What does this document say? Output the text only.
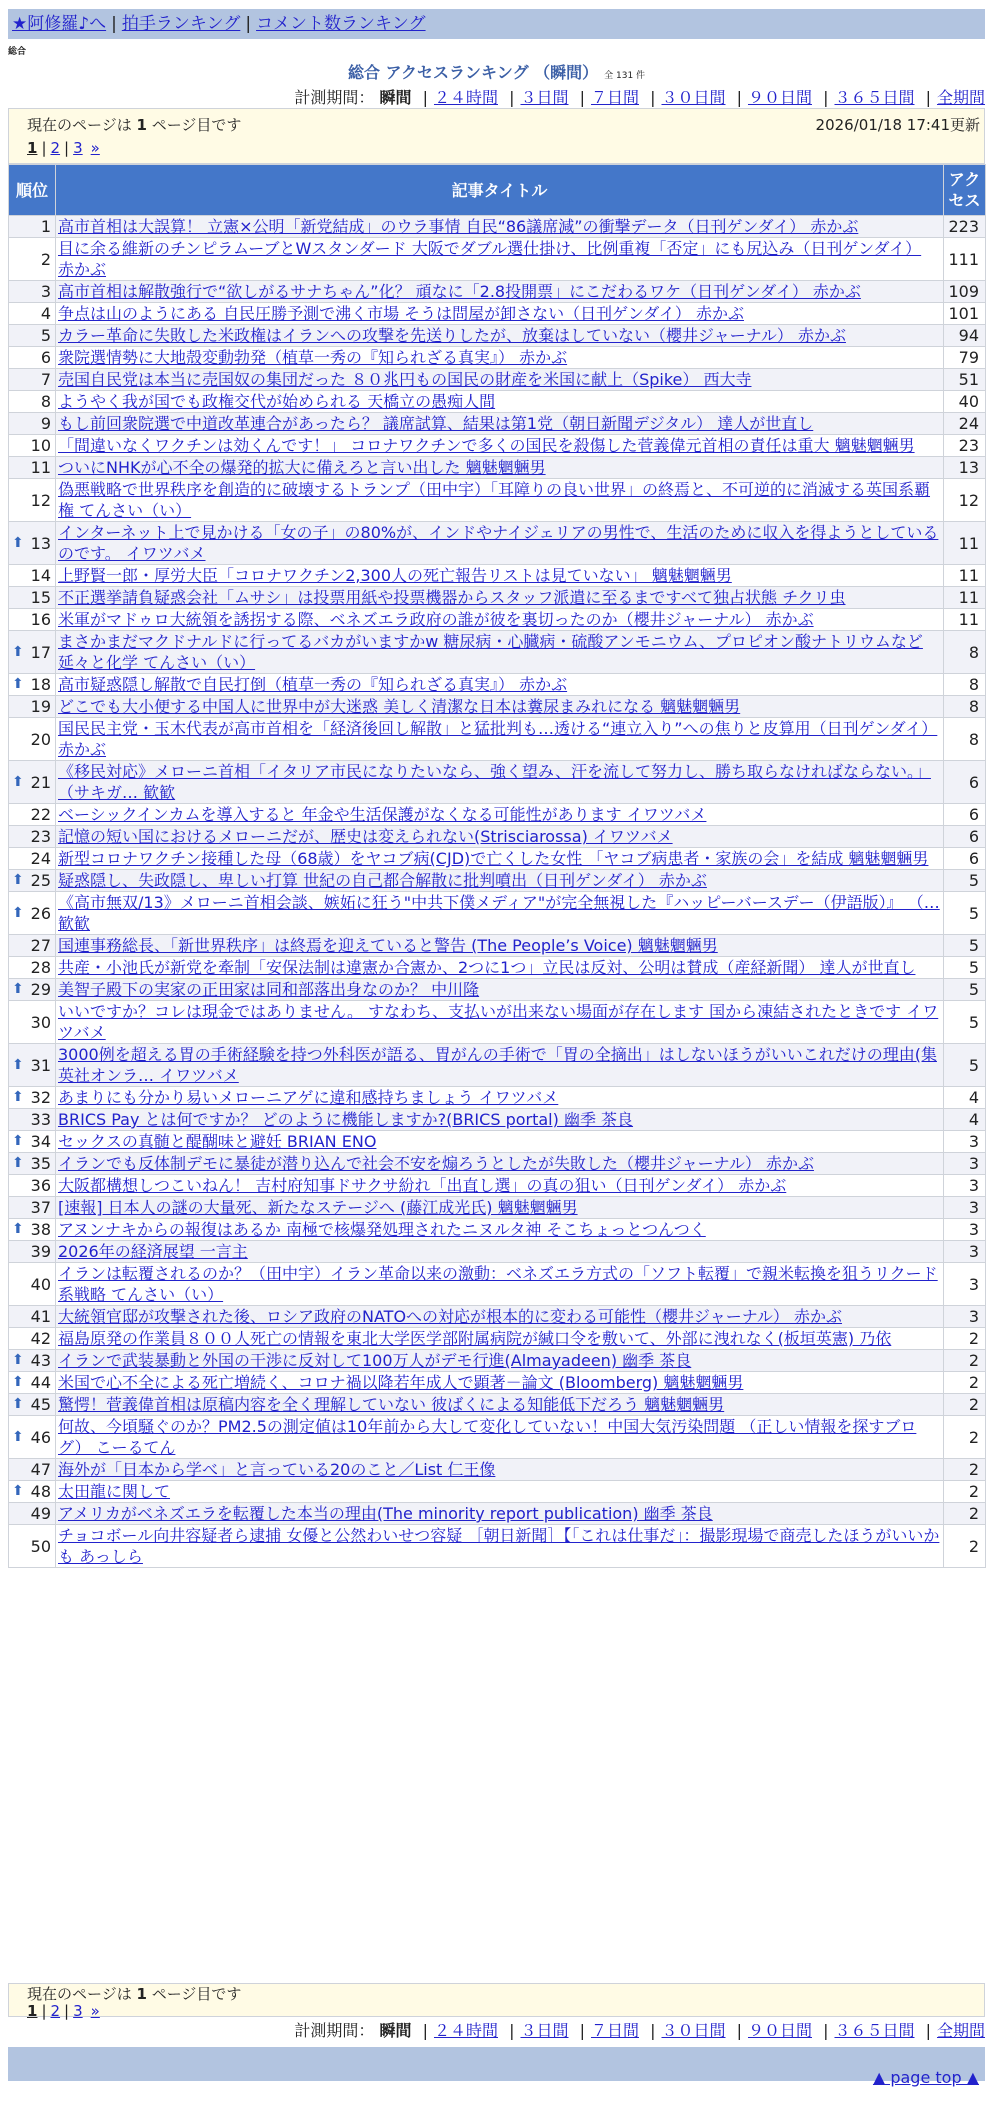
★阿修羅♪へ | 拍手ランキング | コメント数ランキング
総合
総合 アクセスランキング （瞬間） 全 131 件
計測期間： 瞬間 | ２４時間 | ３日間 | ７日間 | ３０日間 | ９０日間 | ３６５日間 | 全期間
現在のページは 1 ページ目です	2026/01/18 17:41更新
1 | 2 | 3 »
順位	記事タイトル	アクセス
1	高市首相は大誤算！ 立憲×公明「新党結成」のウラ事情 自民“86議席減”の衝撃データ（日刊ゲンダイ） 赤かぶ	223
2	目に余る維新のチンピラムーブとWスタンダード 大阪でダブル選仕掛け、比例重複「否定」にも尻込み（日刊ゲンダイ） 赤かぶ	111
3	高市首相は解散強行で“欲しがるサナちゃん”化？ 頑なに「2.8投開票」にこだわるワケ（日刊ゲンダイ） 赤かぶ	109
4	争点は山のようにある 自民圧勝予測で沸く市場 そうは問屋が卸さない（日刊ゲンダイ） 赤かぶ	101
5	カラー革命に失敗した米政権はイランへの攻撃を先送りしたが、放棄はしていない（櫻井ジャーナル） 赤かぶ	94
6	衆院選情勢に大地殻変動勃発（植草一秀の『知られざる真実』） 赤かぶ	79
7	売国自民党は本当に売国奴の集団だった ８０兆円もの国民の財産を米国に献上（Spike） 西大寺	51
8	ようやく我が国でも政権交代が始められる 天橋立の愚痴人間	40
9	もし前回衆院選で中道改革連合があったら？ 議席試算、結果は第1党（朝日新聞デジタル） 達人が世直し	24
10	「間違いなくワクチンは効くんです！」 コロナワクチンで多くの国民を殺傷した菅義偉元首相の責任は重大 魑魅魍魎男	23
11	ついにNHKが心不全の爆発的拡大に備えろと言い出した 魑魅魍魎男	13
12	偽悪戦略で世界秩序を創造的に破壊するトランプ（田中宇）「耳障りの良い世界」の終焉と、不可逆的に消滅する英国系覇権 てんさい（い）	12

⬆ 13	インターネット上で見かける「女の子」の80%が、インドやナイジェリアの男性で、生活のために収入を得ようとしている のです。 イワツバメ	11
14	上野賢一郎・厚労大臣「コロナワクチン2,300人の死亡報告リストは見ていない」 魑魅魍魎男	11
15	不正選挙請負疑惑会社「ムサシ」は投票用紙や投票機器からスタッフ派遣に至るまですべて独占状態 チクリ虫	11
16	米軍がマドゥロ大統領を誘拐する際、ベネズエラ政府の誰が彼を裏切ったのか（櫻井ジャーナル） 赤かぶ	11

⬆ 17	まさかまだマクドナルドに行ってるバカがいますかw 糖尿病・心臓病・硫酸アンモニウム、プロピオン酸ナトリウムなど 延々と化学 てんさい（い）	8

⬆ 18	高市疑惑隠し解散で自民打倒（植草一秀の『知られざる真実』） 赤かぶ	8
19	どこでも大小便する中国人に世界中が大迷惑 美しく清潔な日本は糞尿まみれになる 魑魅魍魎男	8
20	国民民主党・玉木代表が高市首相を「経済後回し解散」と猛批判も…透ける“連立入り”への焦りと皮算用（日刊ゲンダイ） 赤かぶ	8

⬆ 21	《移民対応》メローニ首相「イタリア市民になりたいなら、強く望み、汗を流して努力し、勝ち取らなければならない。」 （サキガ… 歓歓	6
22	ベーシックインカムを導入すると 年金や生活保護がなくなる可能性があります イワツバメ	6
23	記憶の短い国におけるメローニだが、歴史は変えられない(Strisciarossa) イワツバメ	6
24	新型コロナワクチン接種した母（68歳）をヤコブ病(CJD)で亡くした女性 「ヤコブ病患者・家族の会」を結成 魑魅魍魎男	6

⬆ 25	疑惑隠し、失政隠し、卑しい打算 世紀の自己都合解散に批判噴出（日刊ゲンダイ） 赤かぶ	5

⬆ 26	《高市無双/13》メローニ首相会談、嫉妬に狂う"中共下僕メディア"が完全無視した『ハッピーバースデー（伊語版）』 （… 歓歓	5
27	国連事務総長、「新世界秩序」は終焉を迎えていると警告 (The People’s Voice) 魑魅魍魎男	5
28	共産・小池氏が新党を牽制「安保法制は違憲か合憲か、2つに1つ」立民は反対、公明は賛成（産経新聞） 達人が世直し	5

⬆ 29	美智子殿下の実家の正田家は同和部落出身なのか？ 中川隆	5
30	いいですか？コレは現金ではありません。 すなわち、支払いが出来ない場面が存在します 国から凍結されたときです イワツバメ	5

⬆ 31	3000例を超える胃の手術経験を持つ外科医が語る、胃がんの手術で「胃の全摘出」はしないほうがいいこれだけの理由(集英社オンラ… イワツバメ	5

⬆ 32	あまりにも分かり易いメローニアゲに違和感持ちましょう イワツバメ	4
33	BRICS Pay とは何ですか？ どのように機能しますか?(BRICS portal) 幽季 茶良	4

⬆ 34	セックスの真髄と醍醐味と避妊 BRIAN ENO	3

⬆ 35	イランでも反体制デモに暴徒が潜り込んで社会不安を煽ろうとしたが失敗した（櫻井ジャーナル） 赤かぶ	3
36	大阪都構想しつこいねん！ 吉村府知事ドサクサ紛れ「出直し選」の真の狙い（日刊ゲンダイ） 赤かぶ	3
37	[速報] 日本人の謎の大量死、新たなステージへ (藤江成光氏) 魑魅魍魎男	3

⬆ 38	アヌンナキからの報復はあるか 南極で核爆発処理されたニヌルタ神 そこちょっとつんつく	3
39	2026年の経済展望 一言主	3
40	イランは転覆されるのか？（田中宇）イラン革命以来の激動：ベネズエラ方式の「ソフト転覆」で親米転換を狙うリクード系戦略 てんさい（い）	3
41	大統領官邸が攻撃された後、ロシア政府のNATOへの対応が根本的に変わる可能性（櫻井ジャーナル） 赤かぶ	3
42	福島原発の作業員８００人死亡の情報を東北大学医学部附属病院が緘口令を敷いて、外部に洩れなく(板垣英憲) 乃依	2

⬆ 43	イランで武装暴動と外国の干渉に反対して100万人がデモ行進(Almayadeen) 幽季 茶良	2

⬆ 44	米国で心不全による死亡増続く、コロナ禍以降若年成人で顕著－論文 (Bloomberg) 魑魅魍魎男	2

⬆ 45	驚愕！菅義偉首相は原稿内容を全く理解していない 彼ばくによる知能低下だろう 魑魅魍魎男	2

⬆ 46	何故、今頃騒ぐのか？PM2.5の測定値は10年前から大して変化していない！中国大気汚染問題 （正しい情報を探すブログ） こーるてん	2
47	海外が「日本から学べ」と言っている20のこと／List 仁王像	2

⬆ 48	太田龍に関して	2
49	アメリカがベネズエラを転覆した本当の理由(The minority report publication) 幽季 茶良	2
50	チョコボール向井容疑者ら逮捕 女優と公然わいせつ容疑 ［朝日新聞］【「これは仕事だ」：撮影現場で商売したほうがいいかも あっしら	2
現在のページは 1 ページ目です
1 | 2 | 3 »
計測期間： 瞬間 | ２４時間 | ３日間 | ７日間 | ３０日間 | ９０日間 | ３６５日間 | 全期間
▲ page top ▲
